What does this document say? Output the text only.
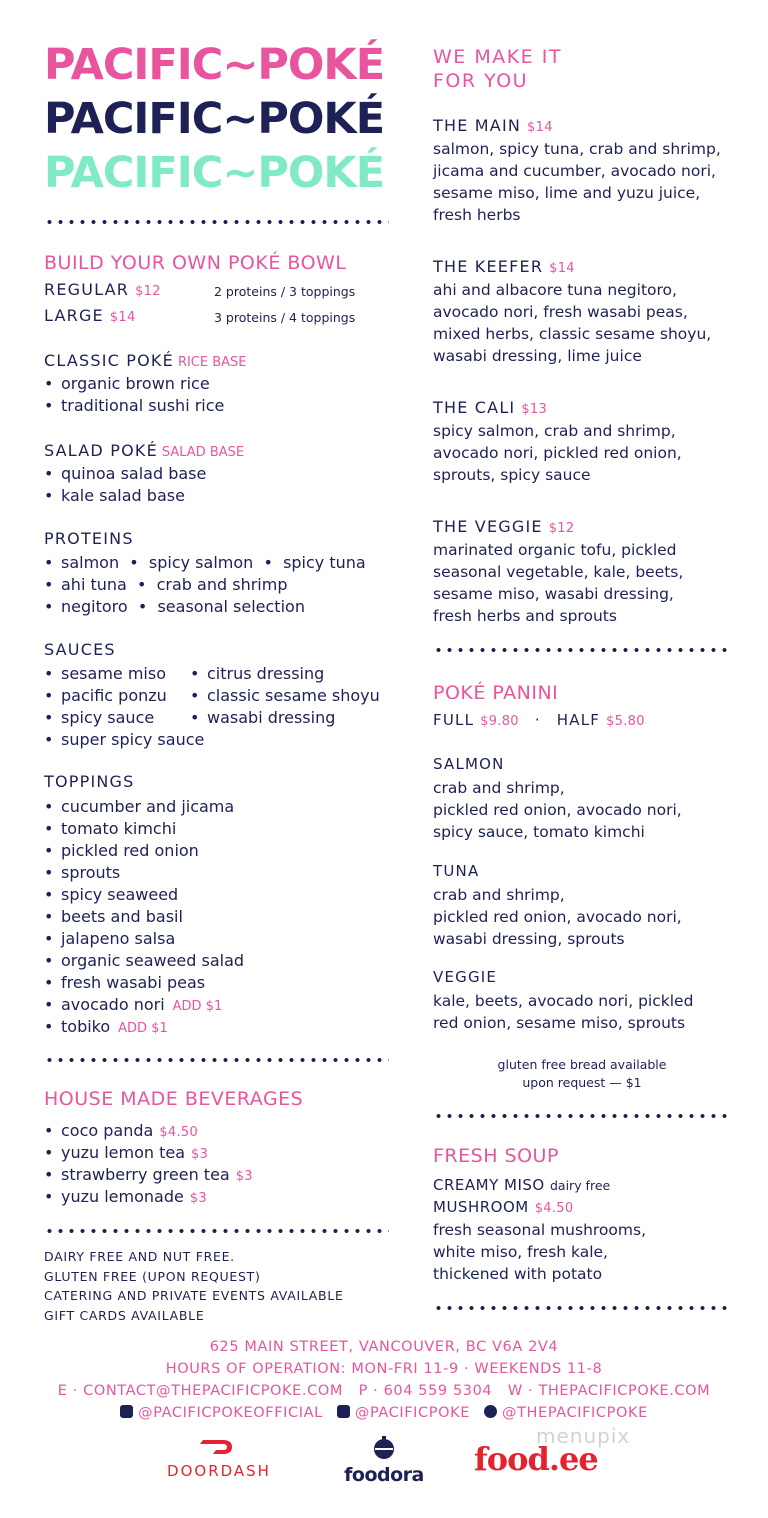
PACIFIC~POKÉ
PACIFIC~POKÉ
PACIFIC~POKÉ
BUILD YOUR OWN POKÉ BOWL
REGULAR $12	2 proteins / 3 toppings
LARGE $14	3 proteins / 4 toppings
CLASSIC POKÉ RICE BASE
• organic brown rice
• traditional sushi rice
SALAD POKÉ SALAD BASE
• quinoa salad base
• kale salad base
PROTEINS
• salmon  •  spicy salmon  •  spicy tuna
• ahi tuna  •  crab and shrimp
• negitoro  •  seasonal selection
SAUCES
• sesame miso • citrus dressing
• pacific ponzu • classic sesame shoyu
• spicy sauce • wasabi dressing
• super spicy sauce
TOPPINGS
• cucumber and jicama
• tomato kimchi
• pickled red onion
• sprouts
• spicy seaweed
• beets and basil
• jalapeno salsa
• organic seaweed salad
• fresh wasabi peas
• avocado nori ADD $1
• tobiko ADD $1
HOUSE MADE BEVERAGES
• coco panda $4.50
• yuzu lemon tea $3
• strawberry green tea $3
• yuzu lemonade $3
DAIRY FREE AND NUT FREE.
GLUTEN FREE (UPON REQUEST)
CATERING AND PRIVATE EVENTS AVAILABLE
GIFT CARDS AVAILABLE
WE MAKE IT
FOR YOU
THE MAIN $14
salmon, spicy tuna, crab and shrimp,
jicama and cucumber, avocado nori,
sesame miso, lime and yuzu juice,
fresh herbs
THE KEEFER $14
ahi and albacore tuna negitoro,
avocado nori, fresh wasabi peas,
mixed herbs, classic sesame shoyu,
wasabi dressing, lime juice
THE CALI $13
spicy salmon, crab and shrimp,
avocado nori, pickled red onion,
sprouts, spicy sauce
THE VEGGIE $12
marinated organic tofu, pickled
seasonal vegetable, kale, beets,
sesame miso, wasabi dressing,
fresh herbs and sprouts
POKÉ PANINI
FULL $9.80 · HALF $5.80
SALMON
crab and shrimp,
pickled red onion, avocado nori,
spicy sauce, tomato kimchi
TUNA
crab and shrimp,
pickled red onion, avocado nori,
wasabi dressing, sprouts
VEGGIE
kale, beets, avocado nori, pickled
red onion, sesame miso, sprouts
gluten free bread available
upon request — $1
FRESH SOUP
CREAMY MISO dairy free
MUSHROOM $4.50
fresh seasonal mushrooms,
white miso, fresh kale,
thickened with potato
625 MAIN STREET, VANCOUVER, BC V6A 2V4
HOURS OF OPERATION: MON-FRI 11-9 · WEEKENDS 11-8
E · CONTACT@THEPACIFICPOKE.COM   P · 604 559 5304   W · THEPACIFICPOKE.COM
@PACIFICPOKEOFFICIAL	@PACIFICPOKE	@THEPACIFICPOKE
DOORDASH	foodora food.ee
menupix
